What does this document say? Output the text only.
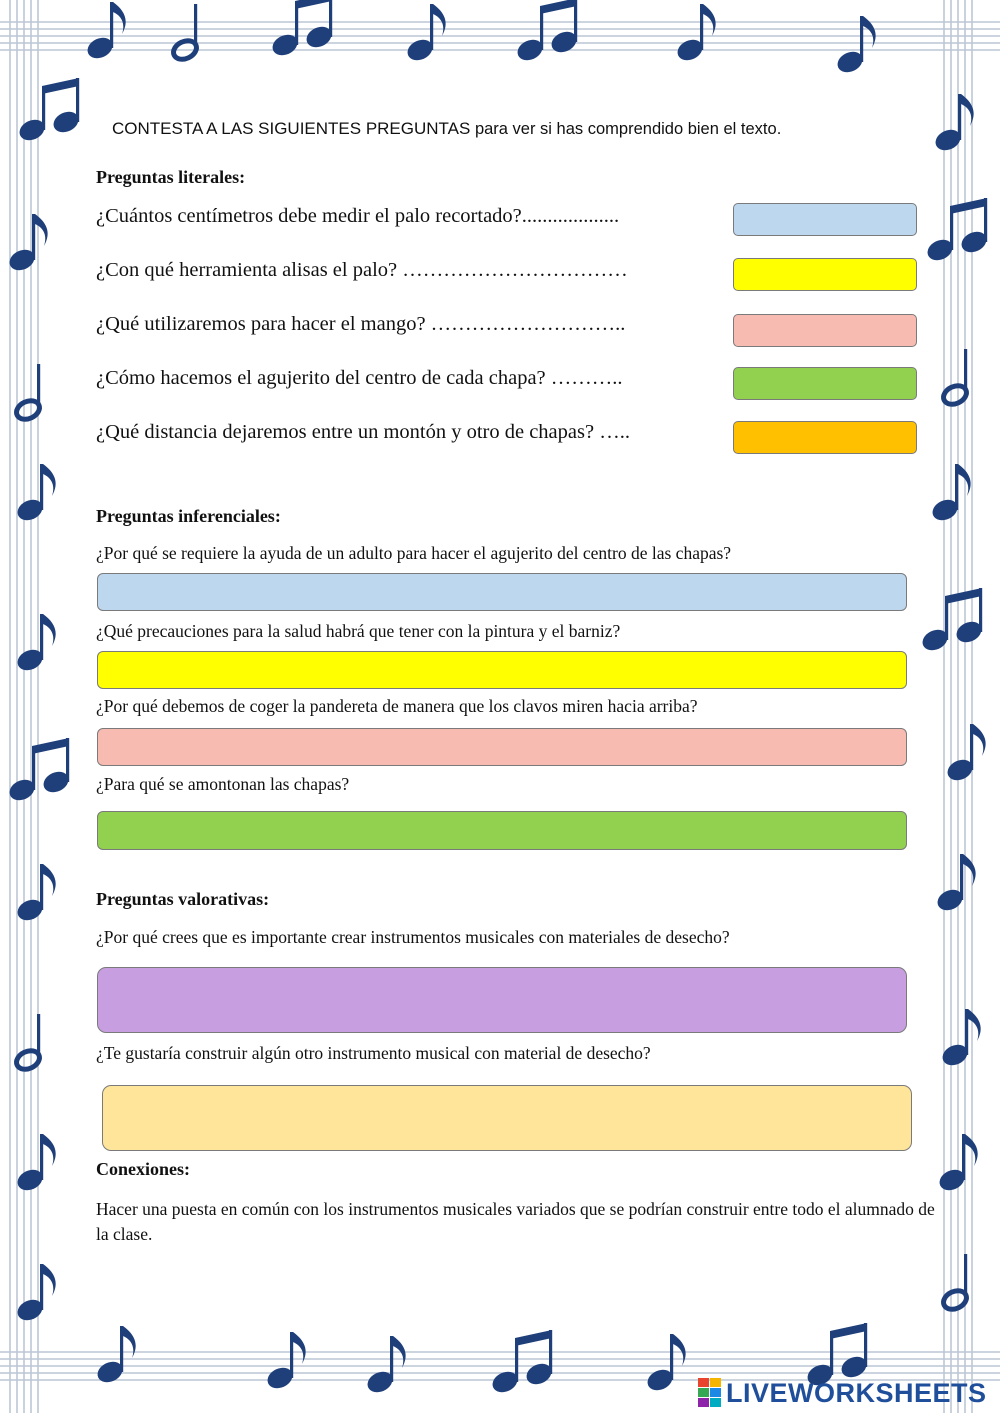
CONTESTA A LAS SIGUIENTES PREGUNTAS para ver si has comprendido bien el texto.
Preguntas literales:
¿Cuántos centímetros debe medir el palo recortado?...................
¿Con qué herramienta alisas el palo? ……………………………
¿Qué utilizaremos para hacer el mango? ………………………..
¿Cómo hacemos el agujerito del centro de cada chapa? ………..
¿Qué distancia dejaremos entre un montón y otro de chapas? …..
Preguntas inferenciales:
¿Por qué se requiere la ayuda de un adulto para hacer el agujerito del centro de las chapas?
¿Qué precauciones para la salud habrá que tener con la pintura y el barniz?
¿Por qué debemos de coger la pandereta de manera que los clavos miren hacia arriba?
¿Para qué se amontonan las chapas?
Preguntas valorativas:
¿Por qué crees que es importante crear instrumentos musicales con materiales de desecho?
¿Te gustaría construir algún otro instrumento musical con material de desecho?
Conexiones:
Hacer una puesta en común con los instrumentos musicales variados que se podrían construir entre todo el alumnado de la clase.
LIVEWORKSHEETS
